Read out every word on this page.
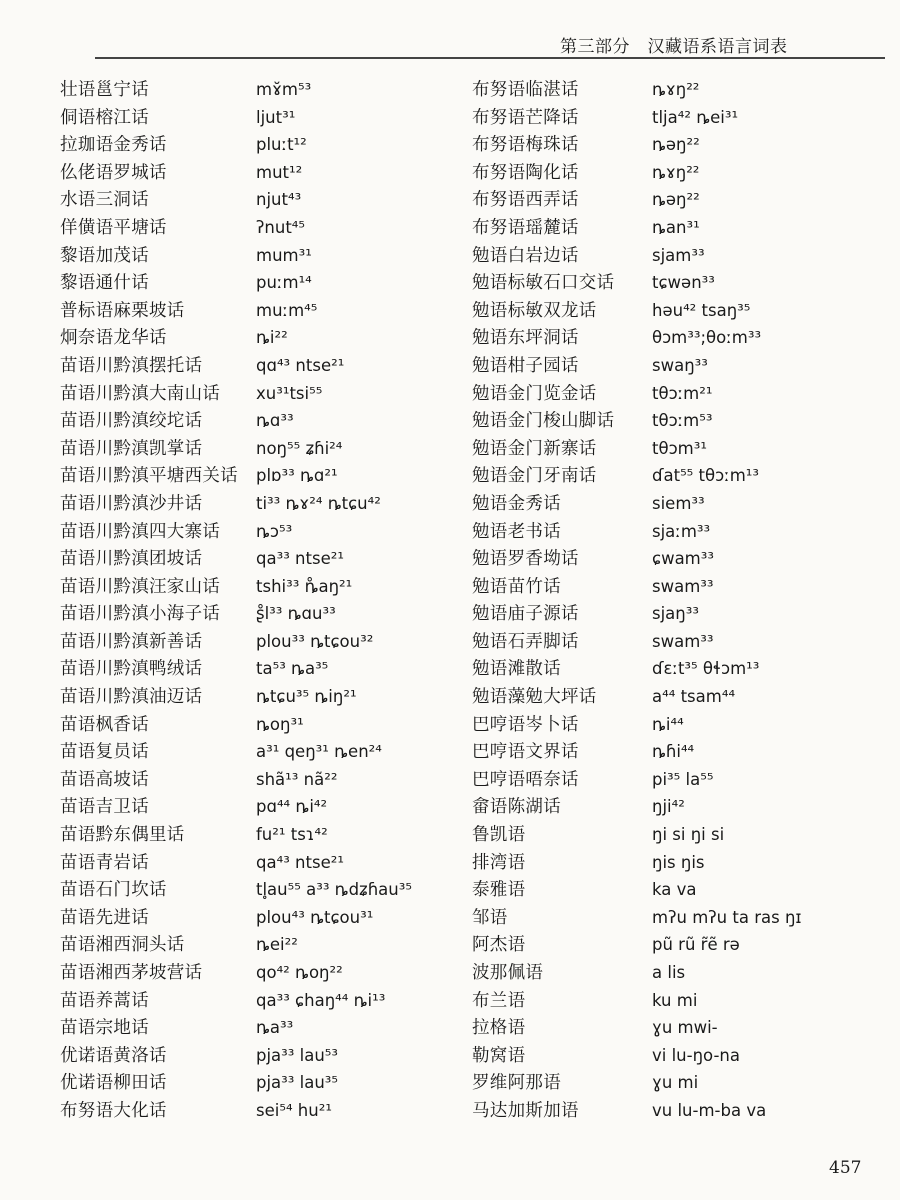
第三部分　汉藏语系语言词表
壮语邕宁话	mɤ̆m⁵³
侗语榕江话	ljut³¹
拉珈语金秀话	pluːt¹²
仫佬语罗城话	mut¹²
水语三洞话	njut⁴³
佯僙语平塘话	ʔnut⁴⁵
黎语加茂话	mum³¹
黎语通什话	puːm¹⁴
普标语麻栗坡话	muːm⁴⁵
炯奈语龙华话	ȵi²²
苗语川黔滇摆托话	qɑ⁴³ ntse²¹
苗语川黔滇大南山话	xu³¹tsi⁵⁵
苗语川黔滇绞坨话	ȵɑ³³
苗语川黔滇凯掌话	noŋ⁵⁵ ʑɦi²⁴
苗语川黔滇平塘西关话	plɒ³³ ȵɑ²¹
苗语川黔滇沙井话	ti³³ ȵɤ²⁴ ȵtɕu⁴²
苗语川黔滇四大寨话	ȵɔ⁵³
苗语川黔滇团坡话	qa³³ ntse²¹
苗语川黔滇汪家山话	tshi³³ ȵ̊aŋ²¹
苗语川黔滇小海子话	ʂ̊l³³ ȵɑu³³
苗语川黔滇新善话	plou³³ ȵtɕou³²
苗语川黔滇鸭绒话	ta⁵³ ȵa³⁵
苗语川黔滇油迈话	ȵtɕu³⁵ ȵiŋ²¹
苗语枫香话	ȵoŋ³¹
苗语复员话	a³¹ qeŋ³¹ ȵen²⁴
苗语高坡话	shã¹³ nã²²
苗语吉卫话	pɑ⁴⁴ ȵi⁴²
苗语黔东偶里话	fu²¹ tsɿ⁴²
苗语青岩话	qa⁴³ ntse²¹
苗语石门坎话	tl̥au⁵⁵ a³³ ȵdʑɦau³⁵
苗语先进话	plou⁴³ ȵtɕou³¹
苗语湘西洞头话	ȵei²²
苗语湘西茅坡营话	qo⁴² ȵoŋ²²
苗语养蒿话	qa³³ ɕhaŋ⁴⁴ ȵi¹³
苗语宗地话	ȵa³³
优诺语黄洛话	pja³³ lau⁵³
优诺语柳田话	pja³³ lau³⁵
布努语大化话	sei⁵⁴ hu²¹
布努语临湛话	ȵɤŋ²²
布努语芒降话	tlja⁴² ȵei³¹
布努语梅珠话	ȵəŋ²²
布努语陶化话	ȵɤŋ²²
布努语西弄话	ȵəŋ²²
布努语瑶麓话	ȵan³¹
勉语白岩边话	sjam³³
勉语标敏石口交话	tɕwən³³
勉语标敏双龙话	həu⁴² tsaŋ³⁵
勉语东坪洞话	θɔm³³;θoːm³³
勉语柑子园话	swaŋ³³
勉语金门览金话	tθɔːm²¹
勉语金门梭山脚话	tθɔːm⁵³
勉语金门新寨话	tθɔm³¹
勉语金门牙南话	ɗat⁵⁵ tθɔːm¹³
勉语金秀话	siem³³
勉语老书话	sjaːm³³
勉语罗香坳话	ɕwam³³
勉语苗竹话	swam³³
勉语庙子源话	sjaŋ³³
勉语石弄脚话	swam³³
勉语滩散话	ɗɛːt³⁵ θɬɔm¹³
勉语藻勉大坪话	a⁴⁴ tsam⁴⁴
巴哼语岑卜话	ȵi⁴⁴
巴哼语文界话	ȵɦi⁴⁴
巴哼语唔奈话	pi³⁵ la⁵⁵
畲语陈湖话	ŋji⁴²
鲁凯语	ŋi si ŋi si
排湾语	ŋis ŋis
泰雅语	ka va
邹语	mʔu mʔu ta ras ŋɪ
阿杰语	pũ rũ r̃ẽ rə
波那佩语	a lis
布兰语	ku mi
拉格语	ɣu mwi-
勒窝语	vi lu-ŋo-na
罗维阿那语	ɣu mi
马达加斯加语	vu lu-m-ba va
457
